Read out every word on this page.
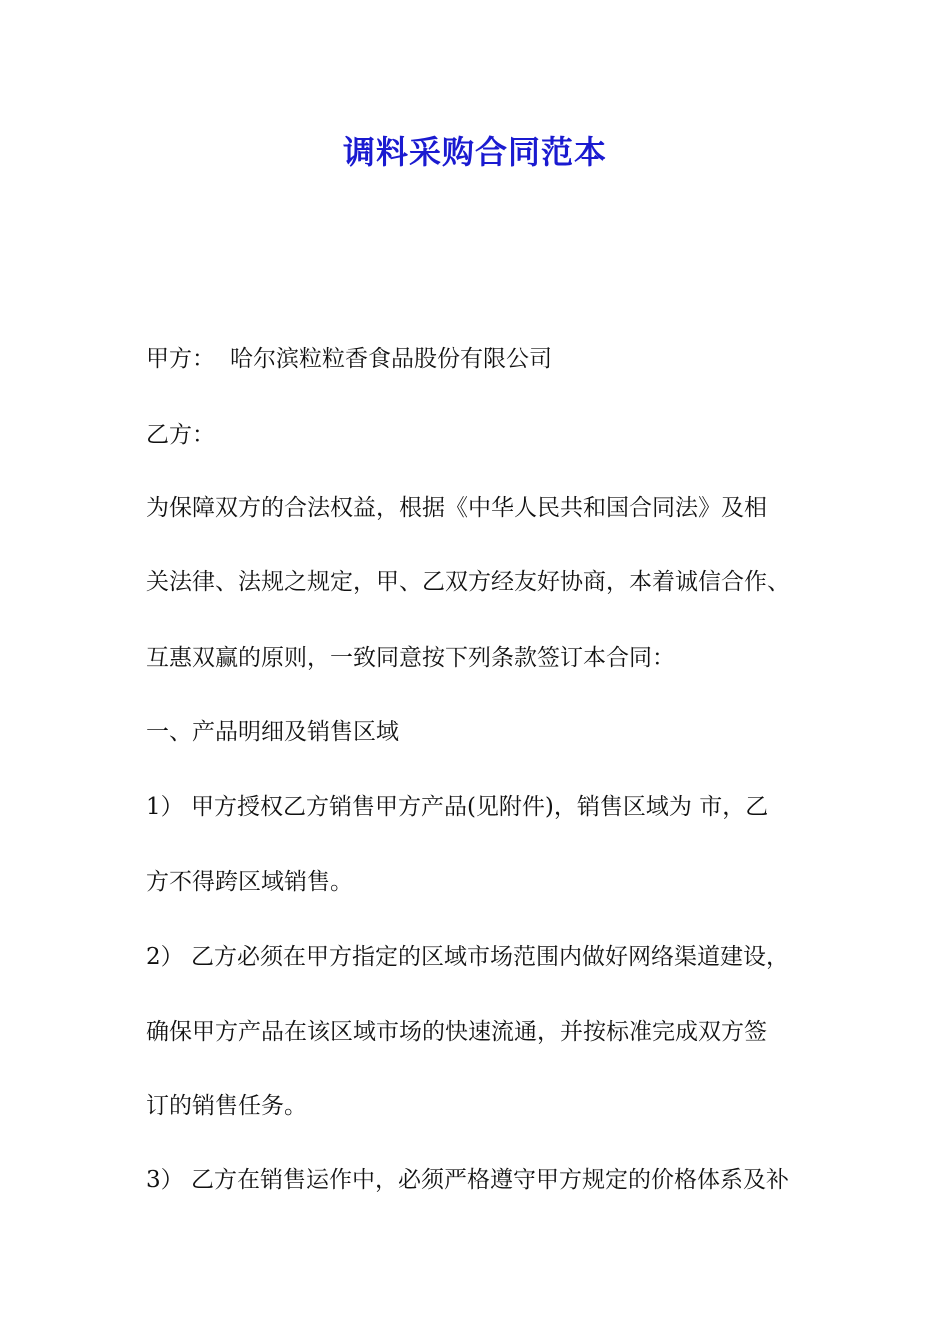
调料采购合同范本
甲方： 哈尔滨粒粒香食品股份有限公司
乙方：
为保障双方的合法权益，根据《中华人民共和国合同法》及相
关法律、法规之规定，甲、乙双方经友好协商，本着诚信合作、
互惠双赢的原则，一致同意按下列条款签订本合同：
一、产品明细及销售区域
1） 甲方授权乙方销售甲方产品(见附件)，销售区域为 市，乙
方不得跨区域销售。
2） 乙方必须在甲方指定的区域市场范围内做好网络渠道建设，
确保甲方产品在该区域市场的快速流通，并按标准完成双方签
订的销售任务。
3） 乙方在销售运作中，必须严格遵守甲方规定的价格体系及补
